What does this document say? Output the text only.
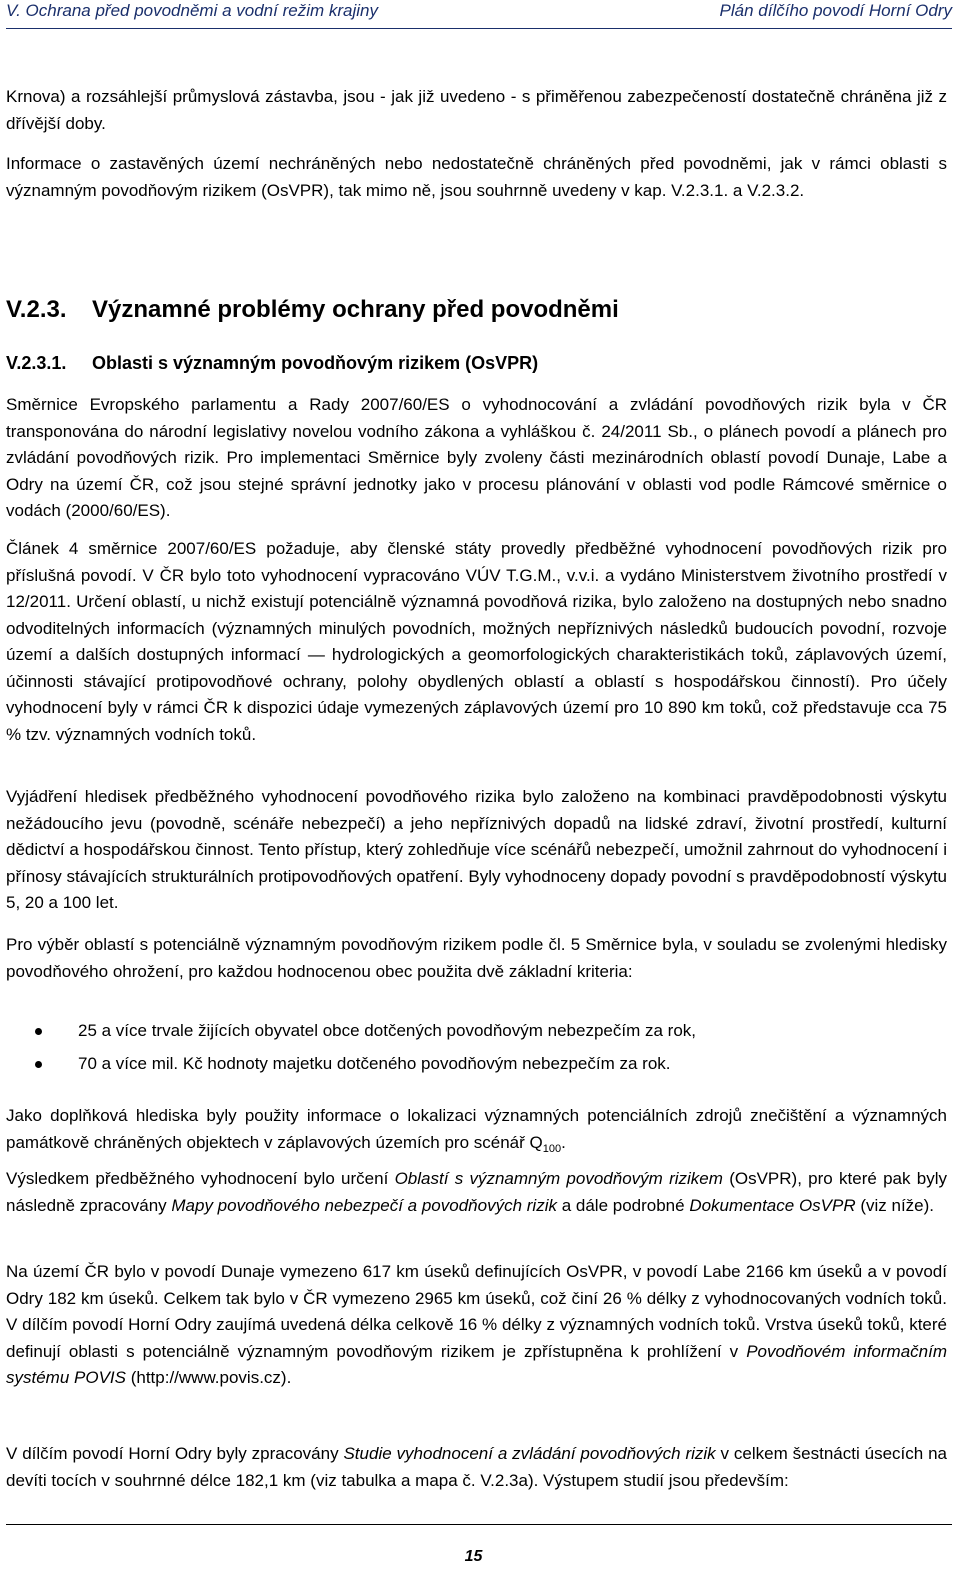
V. Ochrana před povodněmi a vodní režim krajiny	Plán dílčího povodí Horní Odry

Krnova) a rozsáhlejší průmyslová zástavba, jsou - jak již uvedeno - s přiměřenou zabezpečeností dostatečně chráněna již z dřívější doby.

Informace o zastavěných území nechráněných nebo nedostatečně chráněných před povodněmi, jak v rámci oblasti s významným povodňovým rizikem (OsVPR), tak mimo ně, jsou souhrnně uvedeny v kap. V.2.3.1. a V.2.3.2.

V.2.3. Významné problémy ochrany před povodněmi
V.2.3.1. Oblasti s významným povodňovým rizikem (OsVPR)

Směrnice Evropského parlamentu a Rady 2007/60/ES o vyhodnocování a zvládání povodňových rizik byla v ČR transponována do národní legislativy novelou vodního zákona a vyhláškou č. 24/2011 Sb., o plánech povodí a plánech pro zvládání povodňových rizik. Pro implementaci Směrnice byly zvoleny části mezinárodních oblastí povodí Dunaje, Labe a Odry na území ČR, což jsou stejné správní jednotky jako v procesu plánování v oblasti vod podle Rámcové směrnice o vodách (2000/60/ES).

Článek 4 směrnice 2007/60/ES požaduje, aby členské státy provedly předběžné vyhodnocení povodňových rizik pro příslušná povodí. V ČR bylo toto vyhodnocení vypracováno VÚV T.G.M., v.v.i. a vydáno Ministerstvem životního prostředí v 12/2011. Určení oblastí, u nichž existují potenciálně významná povodňová rizika, bylo založeno na dostupných nebo snadno odvoditelných informacích (významných minulých povodních, možných nepříznivých následků budoucích povodní, rozvoje území a dalších dostupných informací — hydrologických a geomorfologických charakteristikách toků, záplavových území, účinnosti stávající protipovodňové ochrany, polohy obydlených oblastí a oblastí s hospodářskou činností). Pro účely vyhodnocení byly v rámci ČR k dispozici údaje vymezených záplavových území pro 10 890 km toků, což představuje cca 75 % tzv. významných vodních toků.

Vyjádření hledisek předběžného vyhodnocení povodňového rizika bylo založeno na kombinaci pravděpodobnosti výskytu nežádoucího jevu (povodně, scénáře nebezpečí) a jeho nepříznivých dopadů na lidské zdraví, životní prostředí, kulturní dědictví a hospodářskou činnost. Tento přístup, který zohledňuje více scénářů nebezpečí, umožnil zahrnout do vyhodnocení i přínosy stávajících strukturálních protipovodňových opatření. Byly vyhodnoceny dopady povodní s pravděpodobností výskytu 5, 20 a 100 let.

Pro výběr oblastí s potenciálně významným povodňovým rizikem podle čl. 5 Směrnice byla, v souladu se zvolenými hledisky povodňového ohrožení, pro každou hodnocenou obec použita dvě základní kriteria:

25 a více trvale žijících obyvatel obce dotčených povodňovým nebezpečím za rok,
70 a více mil. Kč hodnoty majetku dotčeného povodňovým nebezpečím za rok.

Jako doplňková hlediska byly použity informace o lokalizaci významných potenciálních zdrojů znečištění a významných památkově chráněných objektech v záplavových územích pro scénář $Q_{100}$.

Výsledkem předběžného vyhodnocení bylo určení Oblastí s významným povodňovým rizikem (OsVPR), pro které pak byly následně zpracovány Mapy povodňového nebezpečí a povodňových rizik a dále podrobné Dokumentace OsVPR (viz níže).

Na území ČR bylo v povodí Dunaje vymezeno 617 km úseků definujících OsVPR, v povodí Labe 2166 km úseků a v povodí Odry 182 km úseků. Celkem tak bylo v ČR vymezeno 2965 km úseků, což činí 26 % délky z vyhodnocovaných vodních toků. V dílčím povodí Horní Odry zaujímá uvedená délka celkově 16 % délky z významných vodních toků. Vrstva úseků toků, které definují oblasti s potenciálně významným povodňovým rizikem je zpřístupněna k prohlížení v Povodňovém informačním systému POVIS (http://www.povis.cz).

V dílčím povodí Horní Odry byly zpracovány Studie vyhodnocení a zvládání povodňových rizik v celkem šestnácti úsecích na devíti tocích v souhrnné délce 182,1 km (viz tabulka a mapa č. V.2.3a). Výstupem studií jsou především:

15
